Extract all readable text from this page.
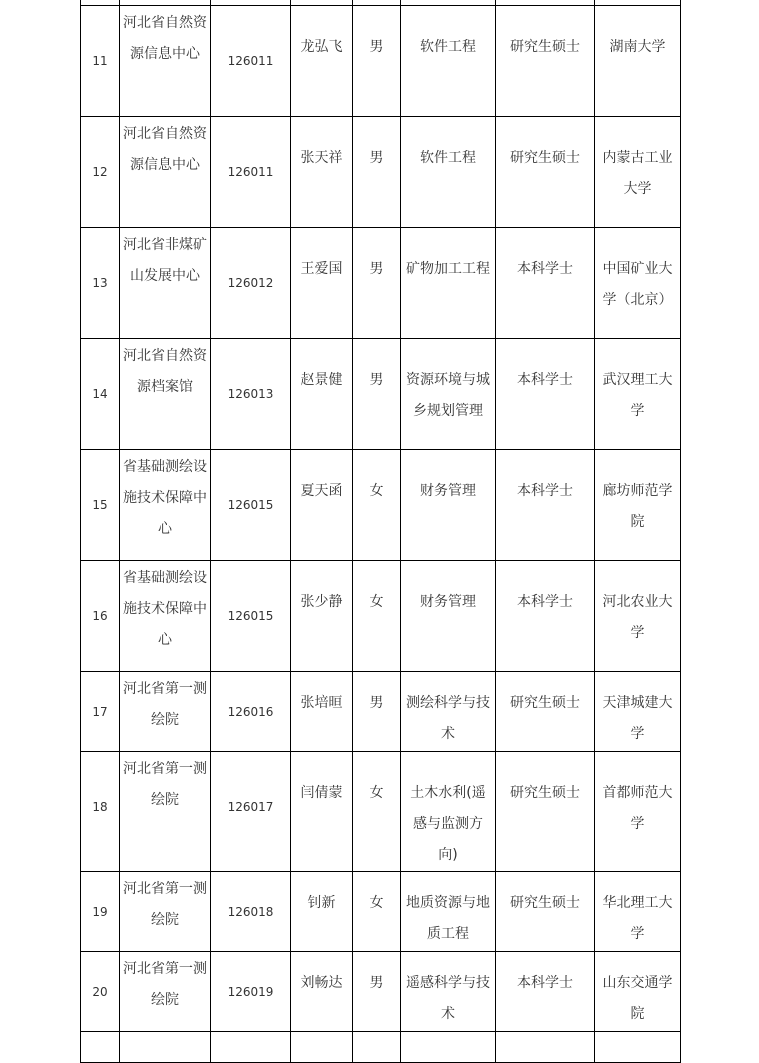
11	河北省自然资源信息中心	126011	龙弘飞	男	软件工程	研究生硕士	湖南大学

12	河北省自然资源信息中心	126011	张天祥	男	软件工程	研究生硕士	内蒙古工业大学

13	河北省非煤矿山发展中心	126012	王爱国	男	矿物加工工程	本科学士	中国矿业大学（北京）

14	河北省自然资源档案馆	126013	赵景健	男	资源环境与城乡规划管理	本科学士	武汉理工大学

15	省基础测绘设施技术保障中心	126015	夏天函	女	财务管理	本科学士	廊坊师范学院

16	省基础测绘设施技术保障中心	126015	张少静	女	财务管理	本科学士	河北农业大学

17	河北省第一测绘院	126016	张培晅	男	测绘科学与技术	研究生硕士	天津城建大学

18	河北省第一测绘院	126017	闫倩蒙	女	土木水利(遥感与监测方向)	研究生硕士	首都师范大学

19	河北省第一测绘院	126018	钊新	女	地质资源与地质工程	研究生硕士	华北理工大学

20	河北省第一测绘院	126019	刘畅达	男	遥感科学与技术	本科学士	山东交通学院
